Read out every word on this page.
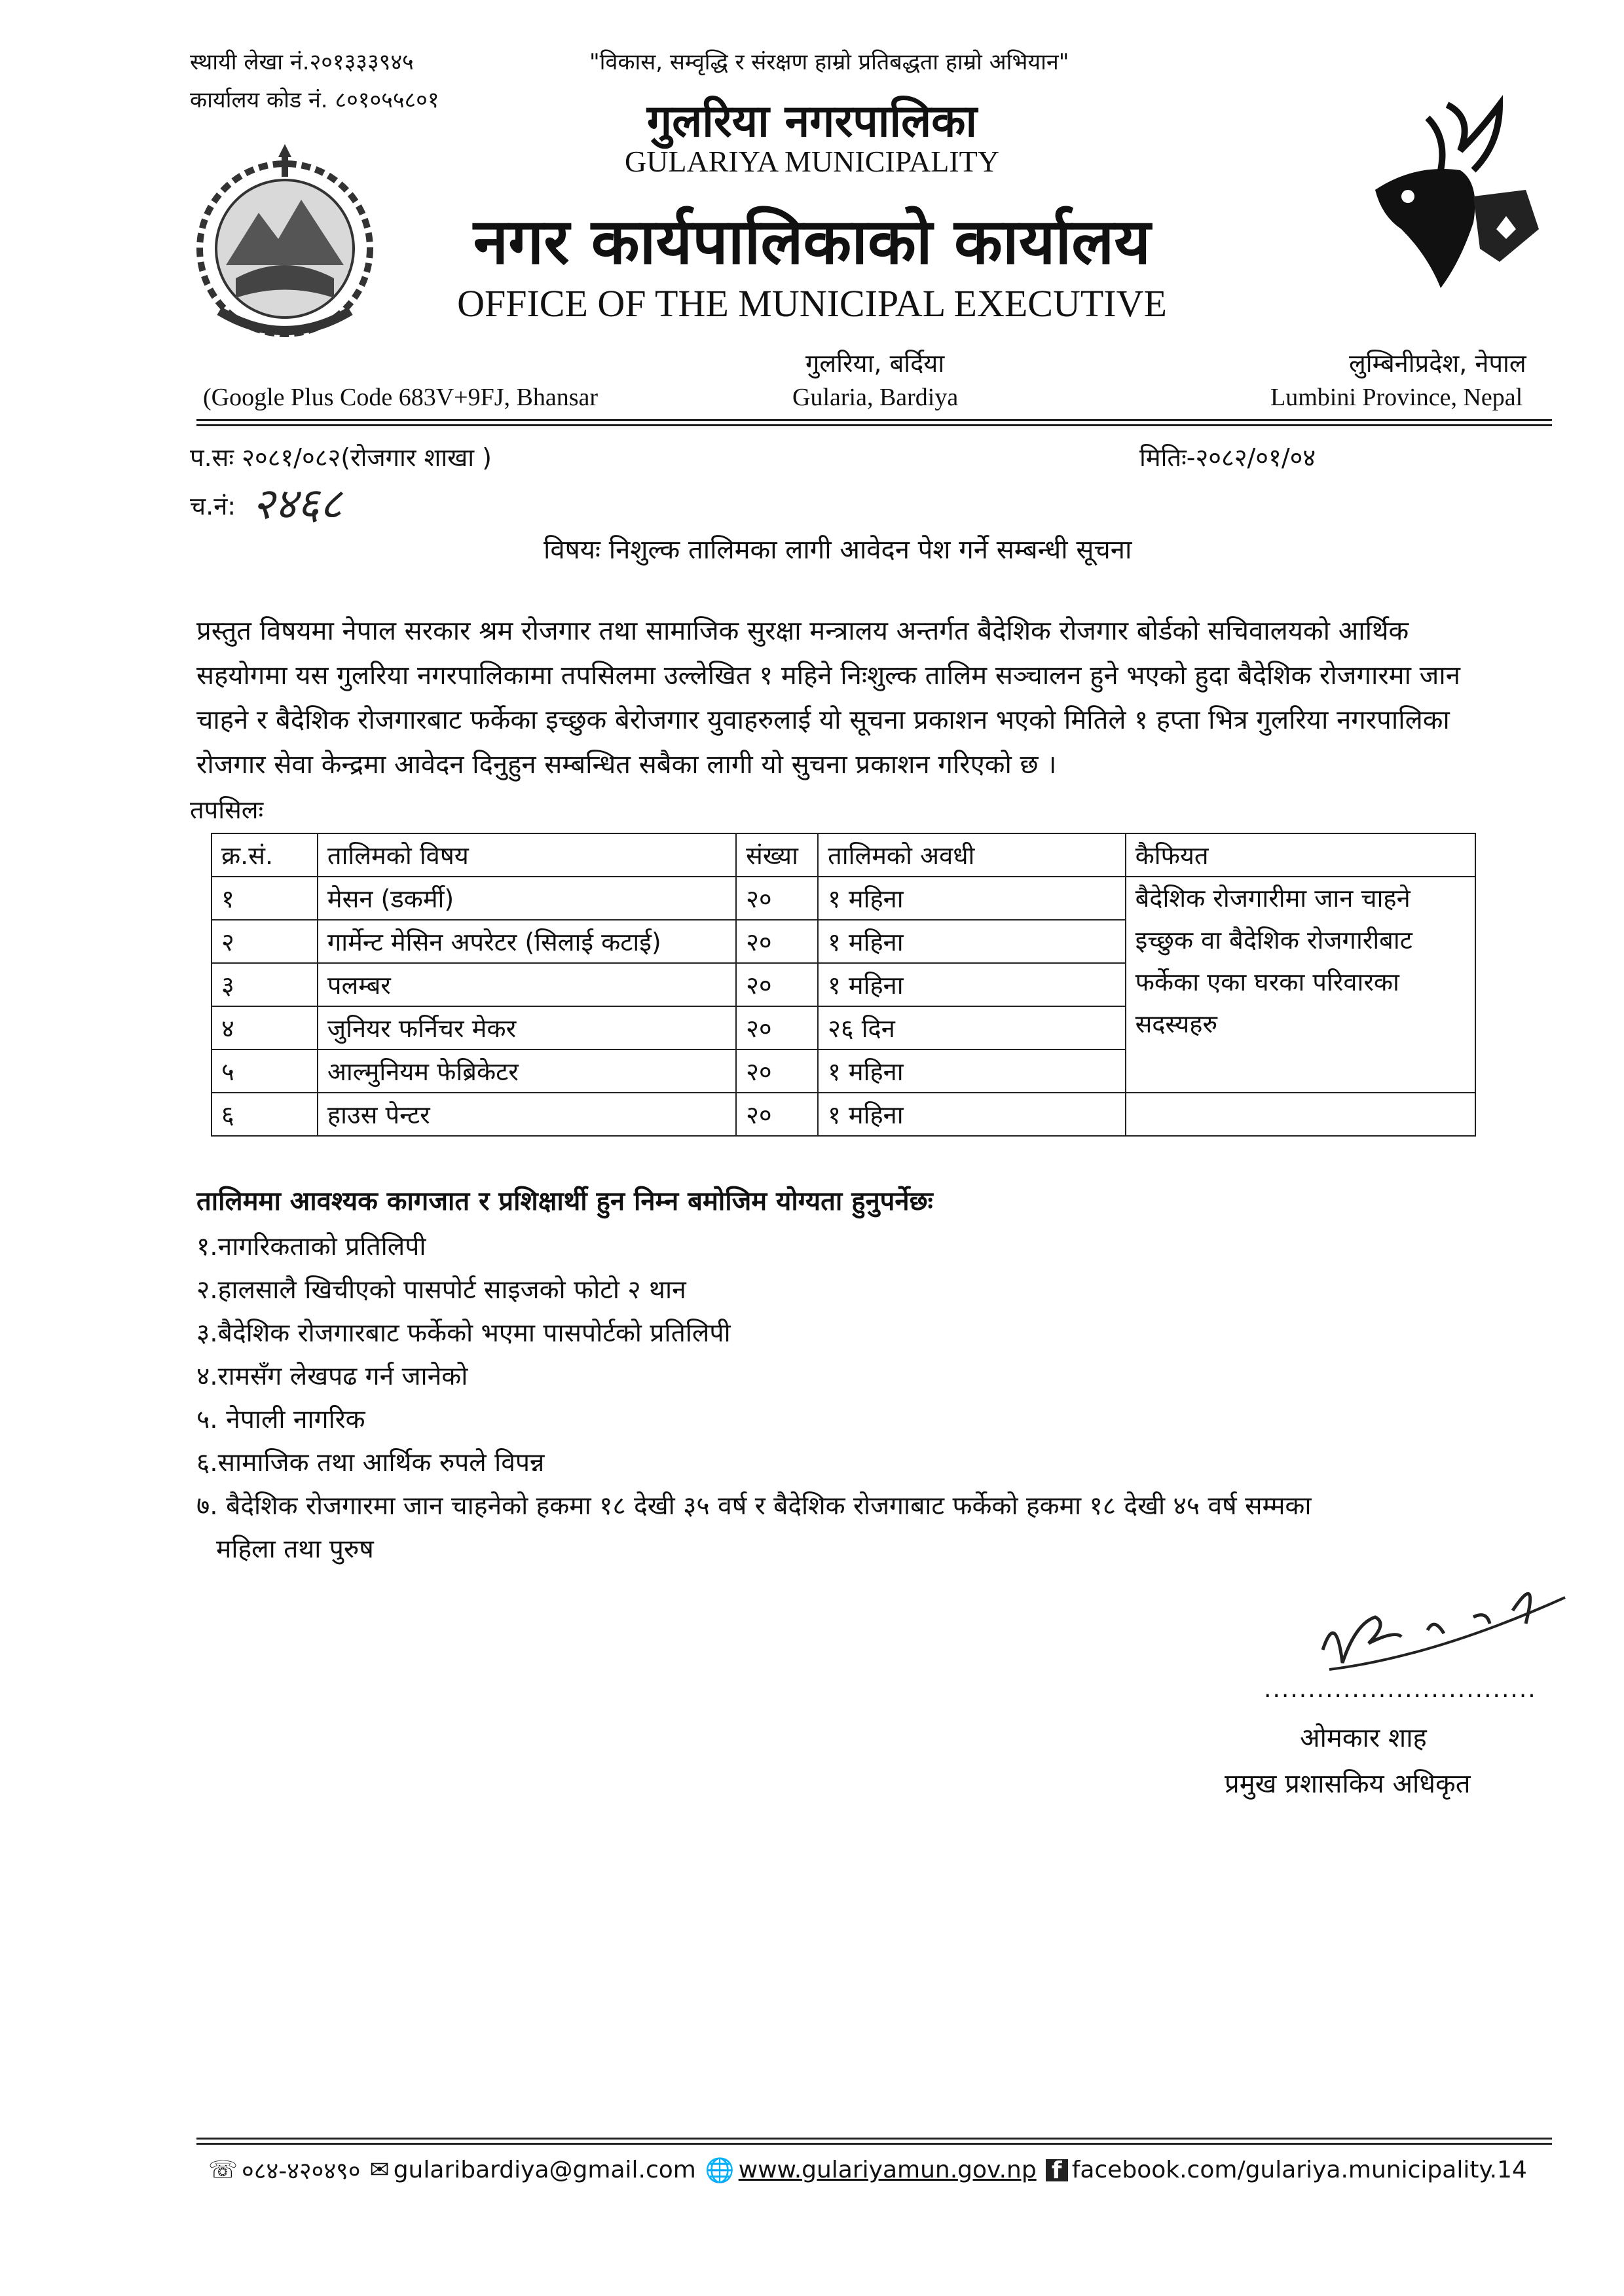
स्थायी लेखा नं.२०१३३३९४५
कार्यालय कोड नं. ८०१०५५८०१
"विकास, सम्वृद्धि र संरक्षण हाम्रो प्रतिबद्धता हाम्रो अभियान"
गुलरिया नगरपालिका
GULARIYA MUNICIPALITY
नगर कार्यपालिकाको कार्यालय
OFFICE OF THE MUNICIPAL EXECUTIVE
गुलरिया, बर्दिया	लुम्बिनीप्रदेश, नेपाल
(Google Plus Code 683V+9FJ, Bhansar	Gularia, Bardiya	Lumbini Province, Nepal
प.सः २०८१/०८२(रोजगार शाखा )	मितिः-२०८२/०१/०४
च.नं: २४६८
विषयः निशुल्क तालिमका लागी आवेदन पेश गर्ने सम्बन्धी सूचना
प्रस्तुत विषयमा नेपाल सरकार श्रम रोजगार तथा सामाजिक सुरक्षा मन्त्रालय अन्तर्गत बैदेशिक रोजगार बोर्डको सचिवालयको आर्थिक
सहयोगमा यस गुलरिया नगरपालिकामा तपसिलमा उल्लेखित १ महिने निःशुल्क तालिम सञ्चालन हुने भएको हुदा बैदेशिक रोजगारमा जान
चाहने र बैदेशिक रोजगारबाट फर्केका इच्छुक बेरोजगार युवाहरुलाई यो सूचना प्रकाशन भएको मितिले १ हप्ता भित्र गुलरिया नगरपालिका
रोजगार सेवा केन्द्रमा आवेदन दिनुहुन सम्बन्धित सबैका लागी यो सुचना प्रकाशन गरिएको छ ।
तपसिलः
क्र.सं.	तालिमको विषय	संख्या	तालिमको अवधी	कैफियत
१	मेसन (डकर्मी)	२०	१ महिना	बैदेशिक रोजगारीमा जान चाहने
इच्छुक वा बैदेशिक रोजगारीबाट
फर्केका एका घरका परिवारका
सदस्यहरु

२	गार्मेन्ट मेसिन अपरेटर (सिलाई कटाई)	२०	१ महिना	
३	पलम्बर	२०	१ महिना	
४	जुनियर फर्निचर मेकर	२०	२६ दिन	
५	आल्मुनियम फेब्रिकेटर	२०	१ महिना	
६	हाउस पेन्टर	२०	१ महिना	
तालिममा आवश्यक कागजात र प्रशिक्षार्थी हुन निम्न बमोजिम योग्यता हुनुपर्नेछः
१.नागरिकताको प्रतिलिपी
२.हालसालै खिचीएको पासपोर्ट साइजको फोटो २ थान
३.बैदेशिक रोजगारबाट फर्केको भएमा पासपोर्टको प्रतिलिपी
४.रामसँग लेखपढ गर्न जानेको
५. नेपाली नागरिक
६.सामाजिक तथा आर्थिक रुपले विपन्न
७. बैदेशिक रोजगारमा जान चाहनेको हकमा १८ देखी ३५ वर्ष र बैदेशिक रोजगाबाट फर्केको हकमा १८ देखी ४५ वर्ष सम्मका
महिला तथा पुरुष
...............................
ओमकार शाह
प्रमुख प्रशासकिय अधिकृत
☏ ०८४-४२०४९० ✉ gularibardiya@gmail.com 🌐 www.gulariyamun.gov.np f facebook.com/gulariya.municipality.14
